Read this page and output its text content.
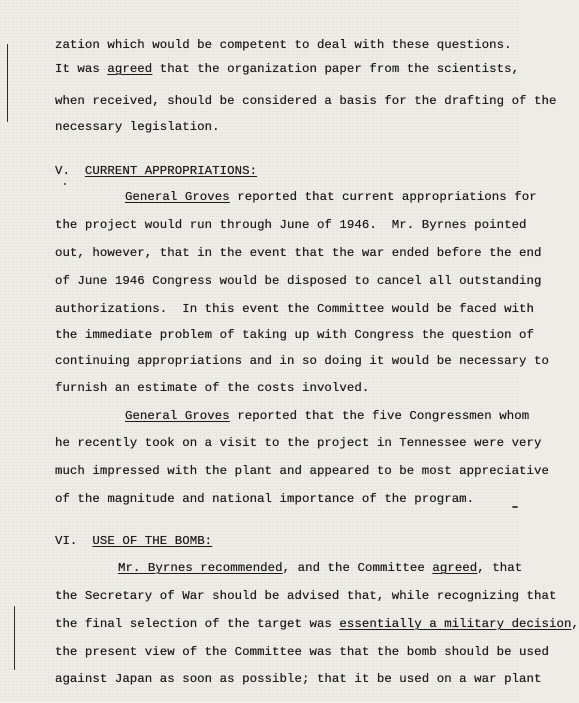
zation which would be competent to deal with these questions.

It was agreed that the organization paper from the scientists,

when received, should be considered a basis for the drafting of the

necessary legislation.

V.  CURRENT APPROPRIATIONS:

General Groves reported that current appropriations for

the project would run through June of 1946.  Mr. Byrnes pointed

out, however, that in the event that the war ended before the end

of June 1946 Congress would be disposed to cancel all outstanding

authorizations.  In this event the Committee would be faced with

the immediate problem of taking up with Congress the question of

continuing appropriations and in so doing it would be necessary to

furnish an estimate of the costs involved.

General Groves reported that the five Congressmen whom

he recently took on a visit to the project in Tennessee were very

much impressed with the plant and appeared to be most appreciative

of the magnitude and national importance of the program.

VI.  USE OF THE BOMB:

Mr. Byrnes recommended, and the Committee agreed, that

the Secretary of War should be advised that, while recognizing that

the final selection of the target was essentially a military decision,

the present view of the Committee was that the bomb should be used

against Japan as soon as possible; that it be used on a war plant
